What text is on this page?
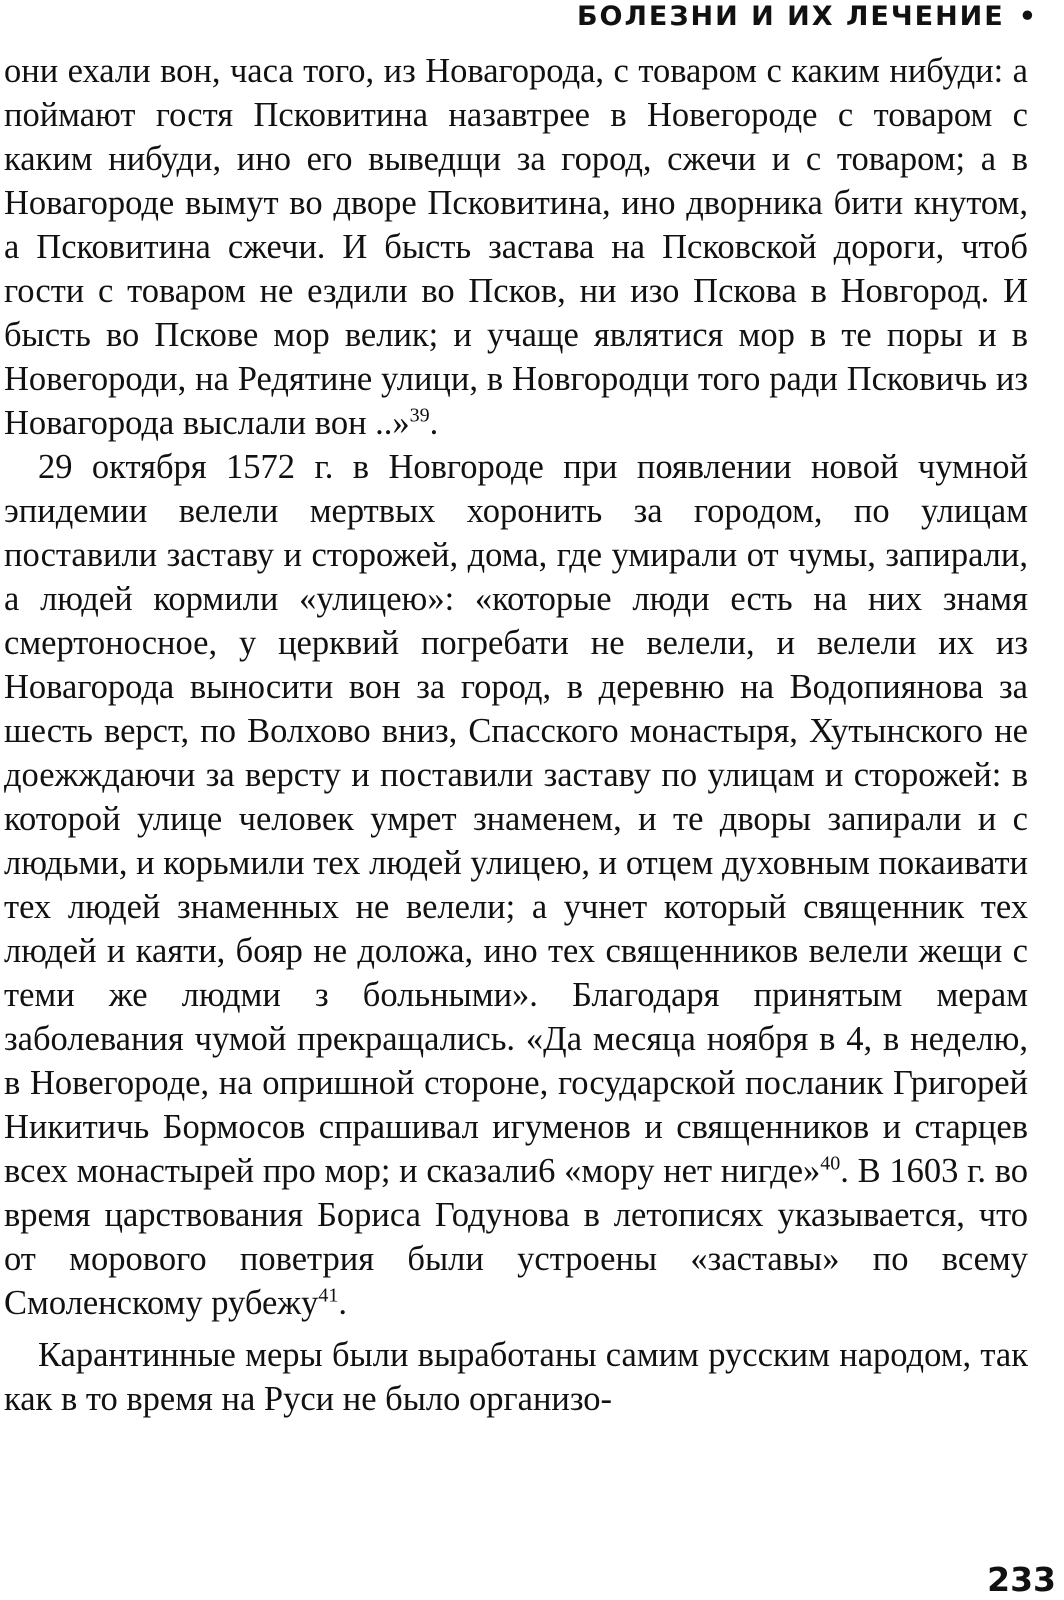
БОЛЕЗНИ И ИХ ЛЕЧЕНИЕ •

они ехали вон, часа того, из Новагорода, с товаром с каким нибуди: а поймают гостя Псковитина назавтрее в Новегороде с товаром с каким нибуди, ино его выведщи за город, сжечи и с товаром; а в Новагороде вымут во дворе Псковитина, ино дворника бити кнутом, а Псковитина сжечи. И бысть застава на Псковской дороги, чтоб гости с товаром не ездили во Псков, ни изо Пскова в Новгород. И бысть во Пскове мор велик; и учаще являтися мор в те поры и в Новегороди, на Редятине улици, в Новгородци того ради Псковичь из Новагорода выслали вон ..»$^{39}$.

29 октября 1572 г. в Новгороде при появлении новой чумной эпидемии велели мертвых хоронить за городом, по улицам поставили заставу и сторожей, дома, где умирали от чумы, запирали, а людей кормили «улицею»: «которые люди есть на них знамя смертоносное, у церквий погребати не велели, и велели их из Новагорода выносити вон за город, в деревню на Водопиянова за шесть верст, по Волхово вниз, Спасского монастыря, Хутынского не доежждаючи за версту и поставили заставу по улицам и сторожей: в которой улице человек умрет знаменем, и те дворы запирали и с людьми, и корьмили тех людей улицею, и отцем духовным покаивати тех людей знаменных не велели; а учнет который священник тех людей и каяти, бояр не доложа, ино тех священников велели жещи с теми же людми з больными». Благодаря принятым мерам заболевания чумой прекращались. «Да месяца ноября в 4, в неделю, в Новегороде, на опришной стороне, государской посланик Григорей Никитичь Бормосов спрашивал игуменов и священников и старцев всех монастырей про мор; и сказали6 «мору нет нигде»$^{40}$. В 1603 г. во время царствования Бориса Годунова в летописях указывается, что от морового поветрия были устроены «заставы» по всему Смоленскому рубежу$^{41}$.

Карантинные меры были выработаны самим русским народом, так как в то время на Руси не было организо-

233
